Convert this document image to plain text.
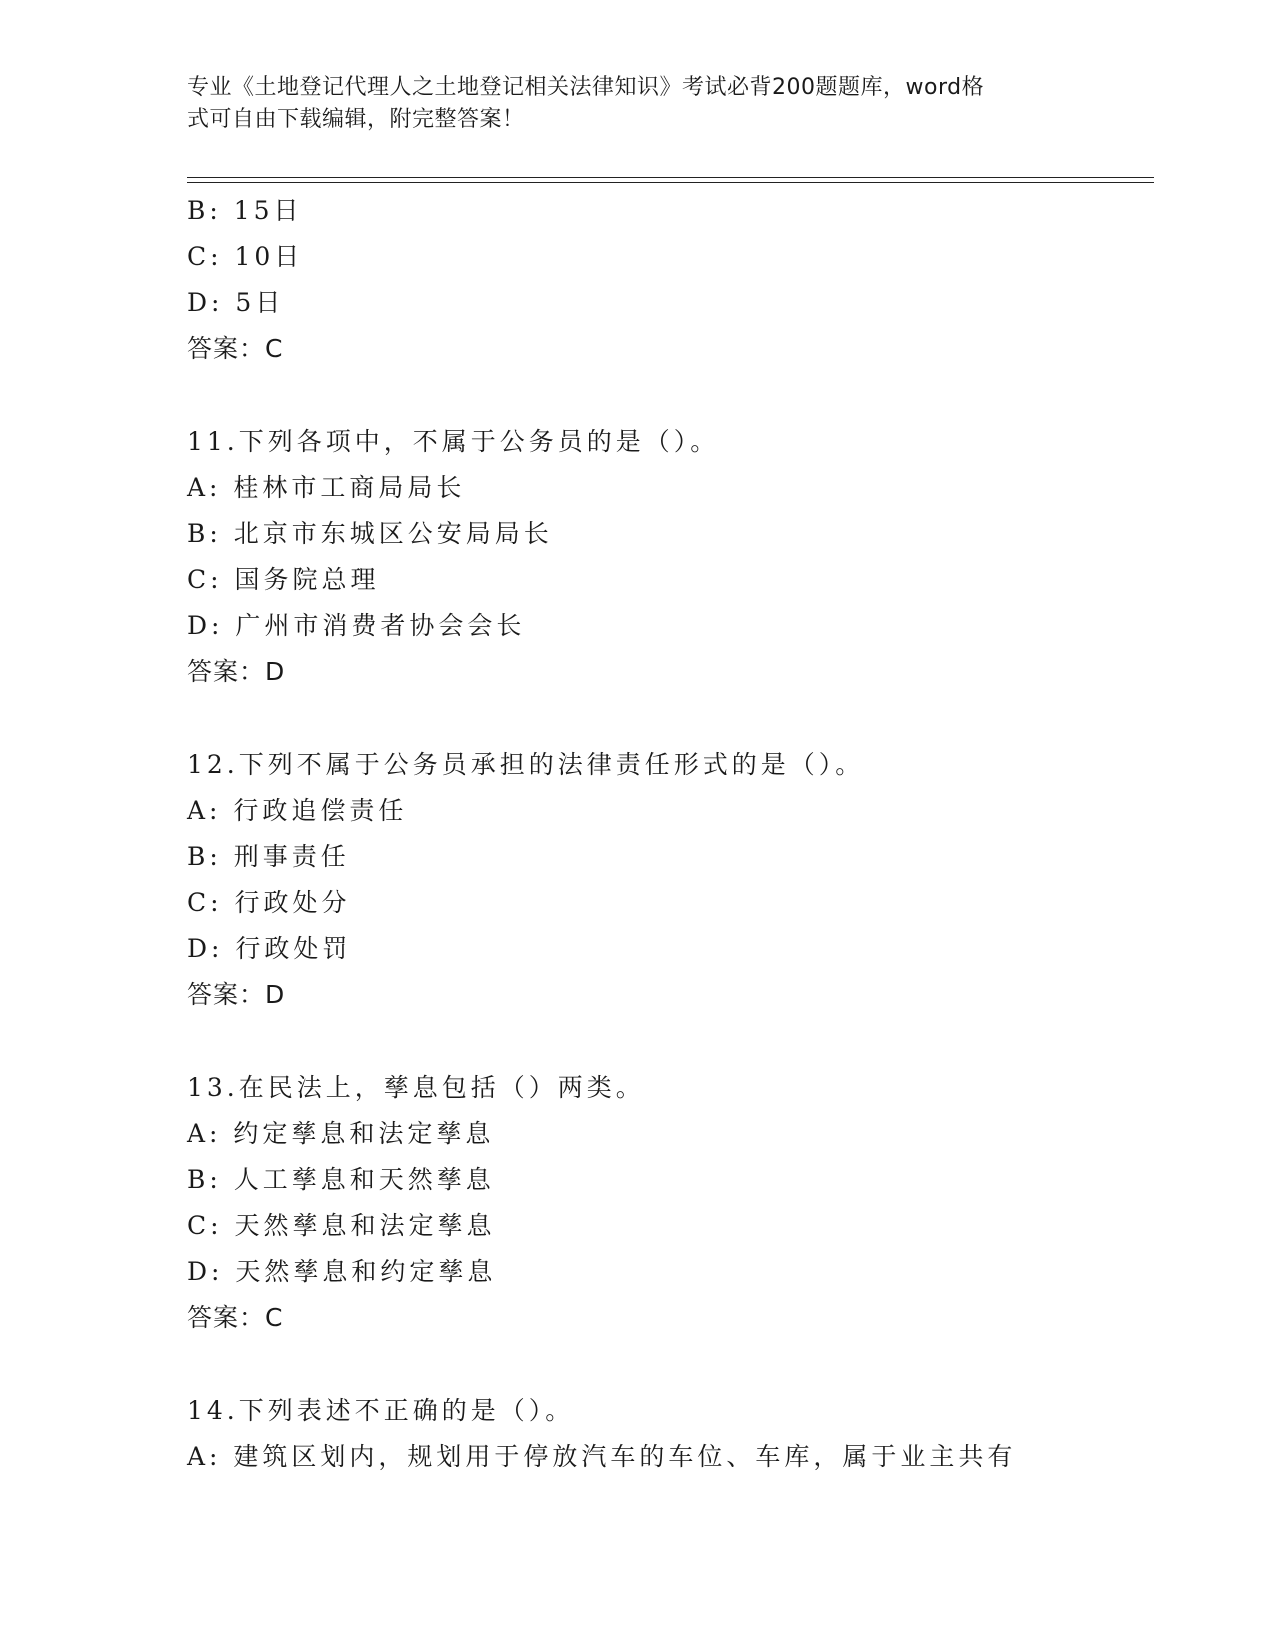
专业《土地登记代理人之土地登记相关法律知识》考试必背200题题库，word格
式可自由下载编辑，附完整答案！
B: 15日
C: 10日
D: 5日
答案：C
11.下列各项中，不属于公务员的是（）。
A: 桂林市工商局局长
B: 北京市东城区公安局局长
C: 国务院总理
D: 广州市消费者协会会长
答案：D
12.下列不属于公务员承担的法律责任形式的是（）。
A: 行政追偿责任
B: 刑事责任
C: 行政处分
D: 行政处罚
答案：D
13.在民法上，孳息包括（）两类。
A: 约定孳息和法定孳息
B: 人工孳息和天然孳息
C: 天然孳息和法定孳息
D: 天然孳息和约定孳息
答案：C
14.下列表述不正确的是（）。
A: 建筑区划内，规划用于停放汽车的车位、车库，属于业主共有
